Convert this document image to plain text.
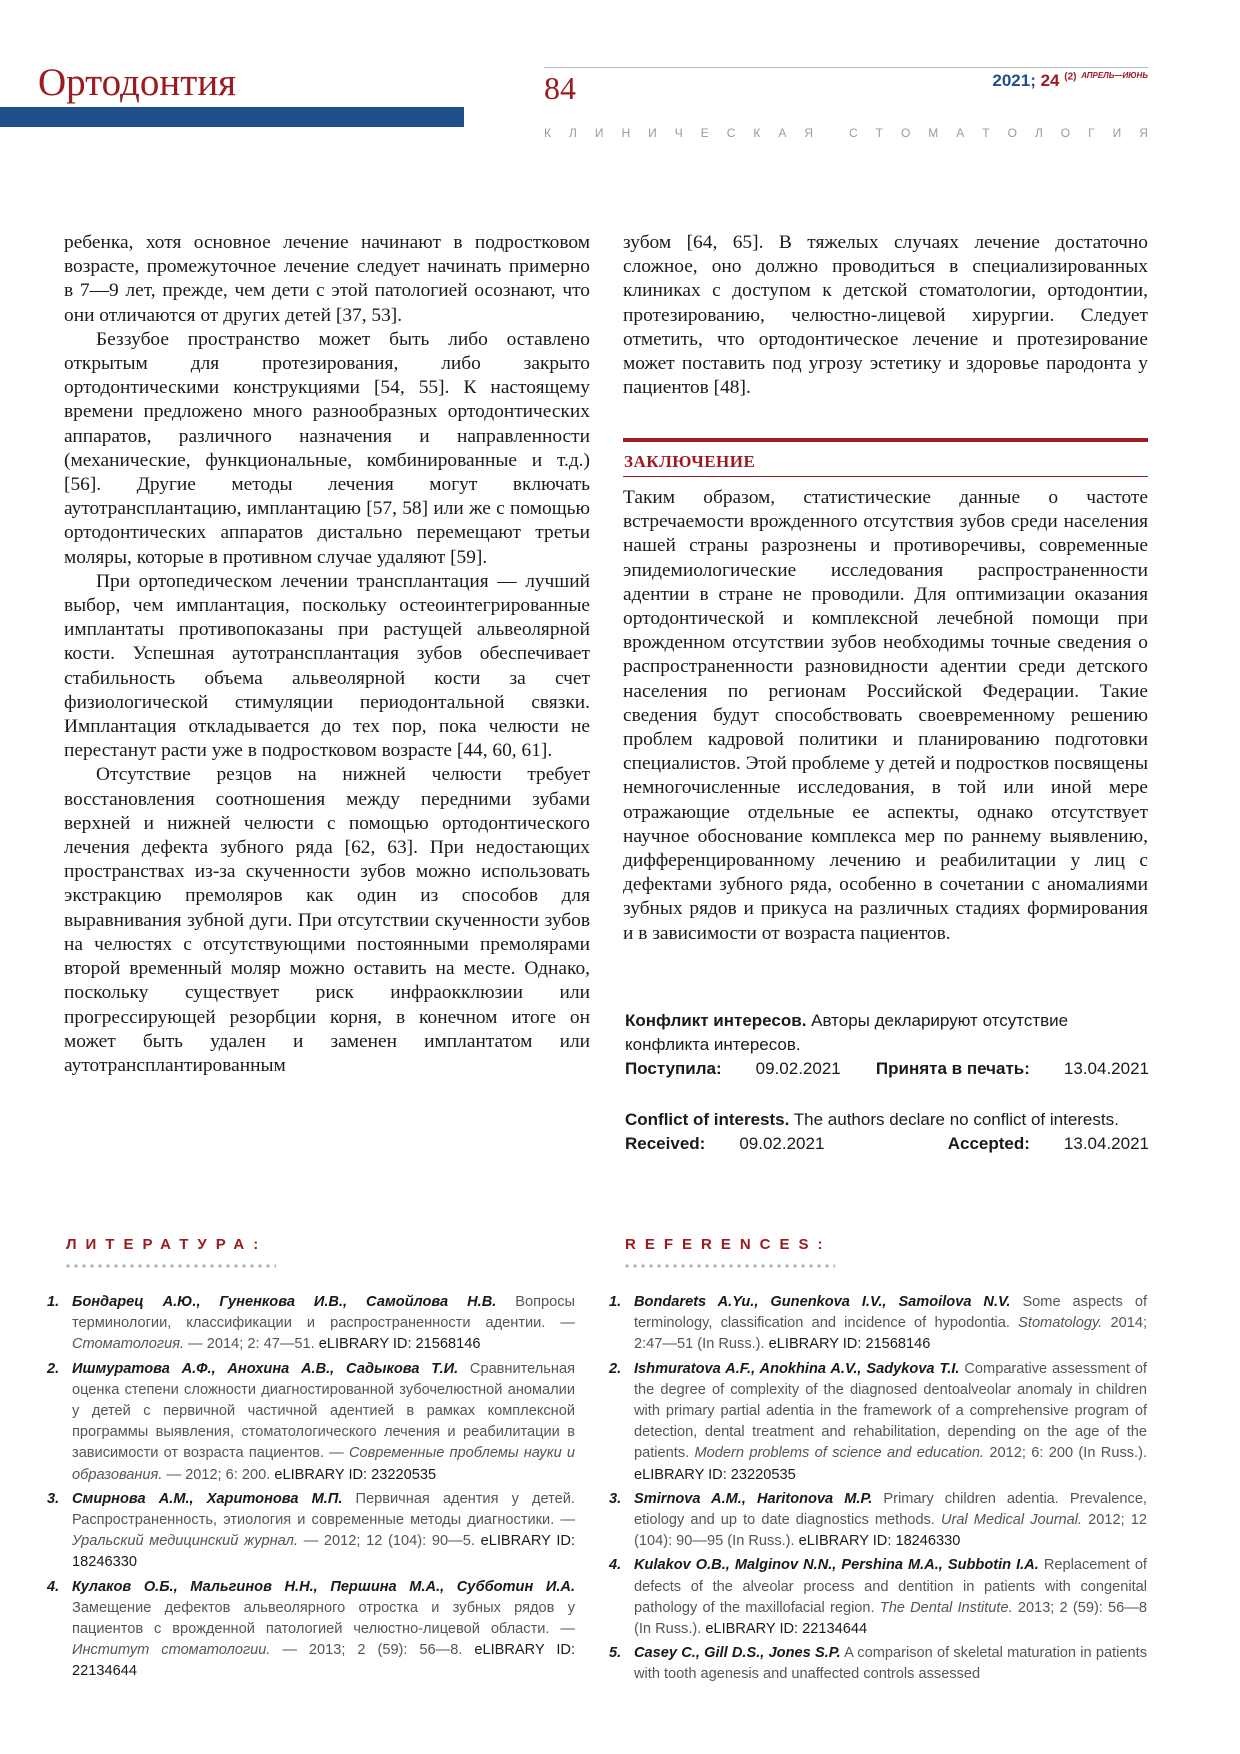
Ортодонтия	84	2021; 24 $^{(2)}$ $^{АПРЕЛЬ—ИЮНЬ}$
К Л И Н И Ч Е С К А Я	С Т О М А Т О Л О Г И Я

ребенка, хотя основное лечение начинают в подростковом возрасте, промежуточное лечение следует начинать примерно в 7—9 лет, прежде, чем дети с этой патологией осознают, что они отличаются от других детей [37, 53].

Беззубое пространство может быть либо оставлено открытым для протезирования, либо закрыто ортодонтическими конструкциями [54, 55]. К настоящему времени предложено много разнообразных ортодонтических аппаратов, различного назначения и направленности (механические, функциональные, комбинированные и т.д.) [56]. Другие методы лечения могут включать аутотрансплантацию, имплантацию [57, 58] или же с помощью ортодонтических аппаратов дистально перемещают третьи моляры, которые в противном случае удаляют [59].

При ортопедическом лечении трансплантация — лучший выбор, чем имплантация, поскольку остеоинтегрированные имплантаты противопоказаны при растущей альвеолярной кости. Успешная аутотрансплантация зубов обеспечивает стабильность объема альвеолярной кости за счет физиологической стимуляции периодонтальной связки. Имплантация откладывается до тех пор, пока челюсти не перестанут расти уже в подростковом возрасте [44, 60, 61].

Отсутствие резцов на нижней челюсти требует восстановления соотношения между передними зубами верхней и нижней челюсти с помощью ортодонтического лечения дефекта зубного ряда [62, 63]. При недостающих пространствах из-за скученности зубов можно использовать экстракцию премоляров как один из способов для выравнивания зубной дуги. При отсутствии скученности зубов на челюстях с отсутствующими постоянными премолярами второй временный моляр можно оставить на месте. Однако, поскольку существует риск инфраокклюзии или прогрессирующей резорбции корня, в конечном итоге он может быть удален и заменен имплантатом или аутотрансплантированным

зубом [64, 65]. В тяжелых случаях лечение достаточно сложное, оно должно проводиться в специализированных клиниках с доступом к детской стоматологии, ортодонтии, протезированию, челюстно-лицевой хирургии. Следует отметить, что ортодонтическое лечение и протезирование может поставить под угрозу эстетику и здоровье пародонта у пациентов [48].

ЗАКЛЮЧЕНИЕ

Таким образом, статистические данные о частоте встречаемости врожденного отсутствия зубов среди населения нашей страны разрознены и противоречивы, современные эпидемиологические исследования распространенности адентии в стране не проводили. Для оптимизации оказания ортодонтической и комплексной лечебной помощи при врожденном отсутствии зубов необходимы точные сведения о распространенности разновидности адентии среди детского населения по регионам Российской Федерации. Такие сведения будут способствовать своевременному решению проблем кадровой политики и планированию подготовки специалистов. Этой проблеме у детей и подростков посвящены немногочисленные исследования, в той или иной мере отражающие отдельные ее аспекты, однако отсутствует научное обоснование комплекса мер по раннему выявлению, дифференцированному лечению и реабилитации у лиц с дефектами зубного ряда, особенно в сочетании с аномалиями зубных рядов и прикуса на различных стадиях формирования и в зависимости от возраста пациентов.

Конфликт интересов. Авторы декларируют отсутствие конфликта интересов.
Поступила: 09.02.2021 Принята в печать: 13.04.2021
Conflict of interests. The authors declare no conflict of interests.
Received: 09.02.2021	Accepted: 13.04.2021
ЛИТЕРАТУРА:	REFERENCES:
1. Бондарец А.Ю., Гуненкова И.В., Самойлова Н.В. Вопросы терминологии, классификации и распространенности адентии. — Стоматология. — 2014; 2: 47—51. eLIBRARY ID: 21568146
2. Ишмуратова А.Ф., Анохина А.В., Садыкова Т.И. Сравнительная оценка степени сложности диагностированной зубочелюстной аномалии у детей с первичной частичной адентией в рамках комплексной программы выявления, стоматологического лечения и реабилитации в зависимости от возраста пациентов. — Современные проблемы науки и образования. — 2012; 6: 200. eLIBRARY ID: 23220535
3. Смирнова А.М., Харитонова М.П. Первичная адентия у детей. Распространенность, этиология и современные методы диагностики. — Уральский медицинский журнал. — 2012; 12 (104): 90—5. eLIBRARY ID: 18246330
4. Кулаков О.Б., Мальгинов Н.Н., Першина М.А., Субботин И.А. Замещение дефектов альвеолярного отростка и зубных рядов у пациентов с врожденной патологией челюстно-лицевой области. — Институт стоматологии. — 2013; 2 (59): 56—8. eLIBRARY ID: 22134644
1. Bondarets A.Yu., Gunenkova I.V., Samoilova N.V. Some aspects of terminology, classification and incidence of hypodontia. Stomatology. 2014; 2:47—51 (In Russ.). eLIBRARY ID: 21568146
2. Ishmuratova A.F., Anokhina A.V., Sadykova T.I. Comparative assessment of the degree of complexity of the diagnosed dentoalveolar anomaly in children with primary partial adentia in the framework of a comprehensive program of detection, dental treatment and rehabilitation, depending on the age of the patients. Modern problems of science and education. 2012; 6: 200 (In Russ.). eLIBRARY ID: 23220535
3. Smirnova A.M., Haritonova M.P. Primary children adentia. Prevalence, etiology and up to date diagnostics methods. Ural Medical Journal. 2012; 12 (104): 90—95 (In Russ.). eLIBRARY ID: 18246330
4. Kulakov O.B., Malginov N.N., Pershina M.A., Subbotin I.A. Replacement of defects of the alveolar process and dentition in patients with congenital pathology of the maxillofacial region. The Dental Institute. 2013; 2 (59): 56—8 (In Russ.). eLIBRARY ID: 22134644
5. Casey C., Gill D.S., Jones S.P. A comparison of skeletal maturation in patients with tooth agenesis and unaffected controls assessed
